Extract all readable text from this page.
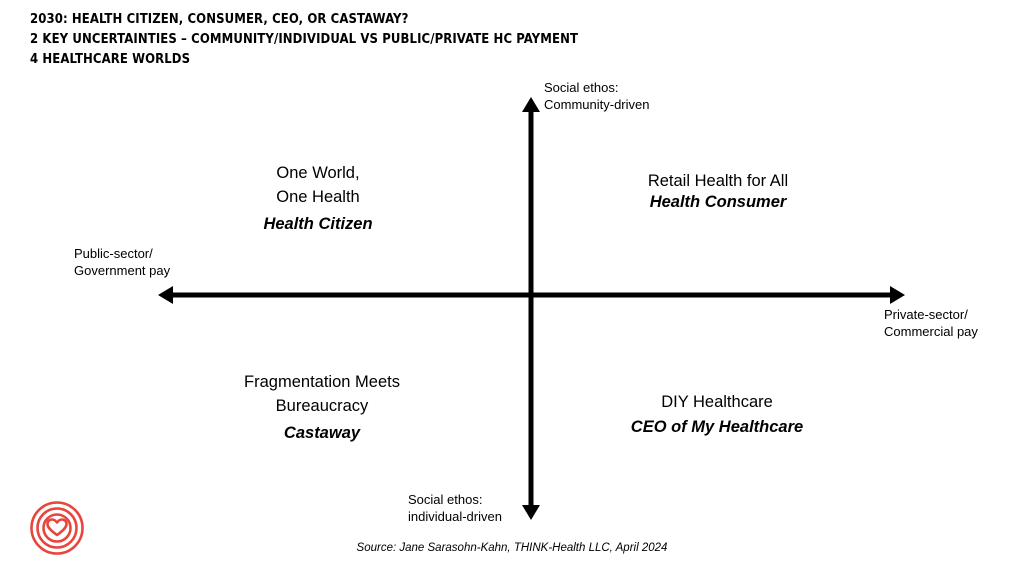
2030: HEALTH CITIZEN, CONSUMER, CEO, OR CASTAWAY?
2 KEY UNCERTAINTIES – COMMUNITY/INDIVIDUAL VS PUBLIC/PRIVATE HC PAYMENT
4 HEALTHCARE WORLDS
Social ethos:
Community-driven
Social ethos:
individual-driven
Public-sector/
Government pay
Private-sector/
Commercial pay
One World,
One Health
Health Citizen
Retail Health for All
Health Consumer
Fragmentation Meets
Bureaucracy
Castaway
DIY Healthcare
CEO of My Healthcare
Source: Jane Sarasohn-Kahn, THINK-Health LLC, April 2024
